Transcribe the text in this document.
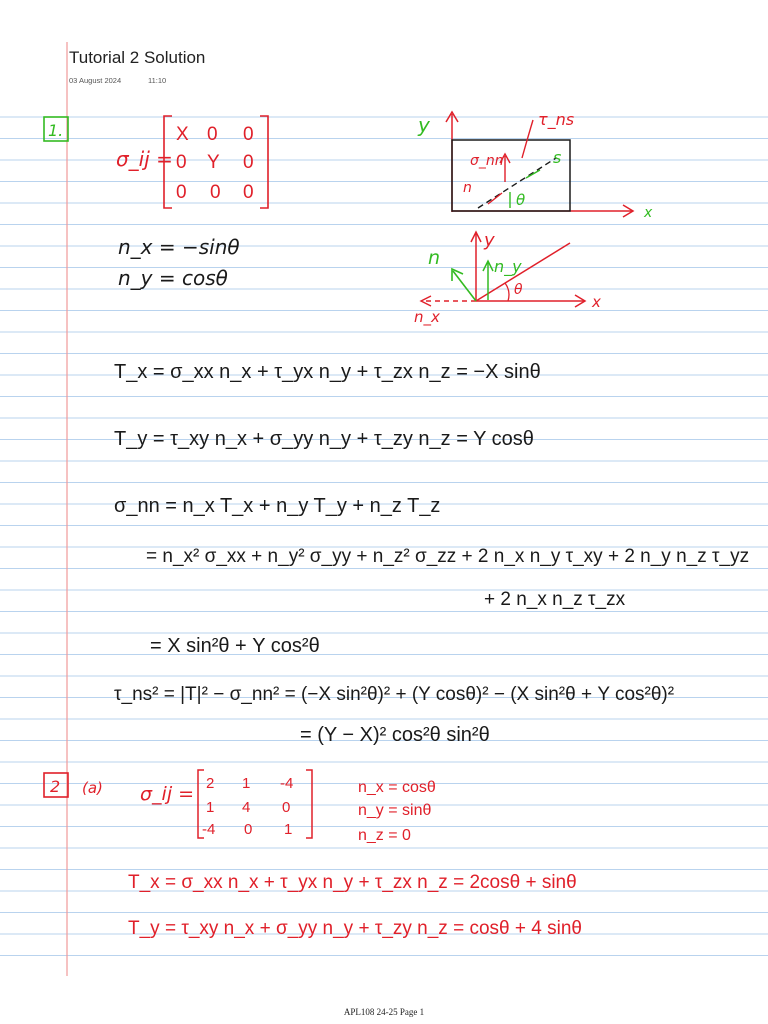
Tutorial 2 Solution
03 August 2024	11:10
1.
σ_ij =
X 0 0
0 Y 0
0 0 0
y
x
τ_ns
σ_nn	s
n
θ
n_x = −sinθ
n_y = cosθ
y
x
n	n_y
n_x
θ
T_x = σ_xx n_x + τ_yx n_y + τ_zx n_z = −X sinθ
T_y = τ_xy n_x + σ_yy n_y + τ_zy n_z = Y cosθ
σ_nn = n_x T_x + n_y T_y + n_z T_z
= n_x² σ_xx + n_y² σ_yy + n_z² σ_zz + 2 n_x n_y τ_xy + 2 n_y n_z τ_yz
+ 2 n_x n_z τ_zx
= X sin²θ + Y cos²θ
τ_ns² = |T|² − σ_nn² = (−X sin²θ)² + (Y cosθ)² − (X sin²θ + Y cos²θ)²
= (Y − X)² cos²θ sin²θ
2 (a) σ_ij = 2 1 -4
1 4 0
-4 0 1
n_x = cosθ
n_y = sinθ
n_z = 0
T_x = σ_xx n_x + τ_yx n_y + τ_zx n_z = 2cosθ + sinθ
T_y = τ_xy n_x + σ_yy n_y + τ_zy n_z = cosθ + 4 sinθ
T_z = τ_xz n_x + τ_yz n_y + σ_zz n_z = −4 cosθ
APL108 24-25 Page 1
